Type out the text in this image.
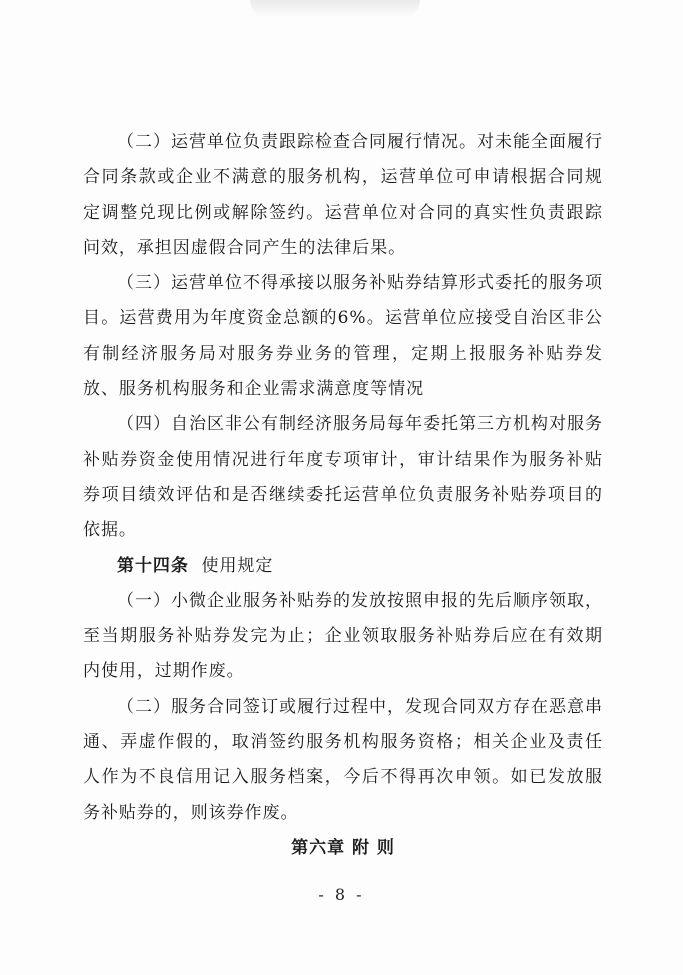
（二）运营单位负责跟踪检查合同履行情况。对未能全面履行合同条款或企业不满意的服务机构，运营单位可申请根据合同规定调整兑现比例或解除签约。运营单位对合同的真实性负责跟踪问效，承担因虚假合同产生的法律后果。

（三）运营单位不得承接以服务补贴券结算形式委托的服务项目。运营费用为年度资金总额的6%。运营单位应接受自治区非公有制经济服务局对服务券业务的管理，定期上报服务补贴券发放、服务机构服务和企业需求满意度等情况

（四）自治区非公有制经济服务局每年委托第三方机构对服务补贴券资金使用情况进行年度专项审计，审计结果作为服务补贴券项目绩效评估和是否继续委托运营单位负责服务补贴券项目的依据。

第十四条 使用规定

（一）小微企业服务补贴券的发放按照申报的先后顺序领取，至当期服务补贴券发完为止；企业领取服务补贴券后应在有效期内使用，过期作废。

（二）服务合同签订或履行过程中，发现合同双方存在恶意串通、弄虚作假的，取消签约服务机构服务资格；相关企业及责任人作为不良信用记入服务档案，今后不得再次申领。如已发放服务补贴券的，则该券作废。

第六章 附 则

- 8 -
